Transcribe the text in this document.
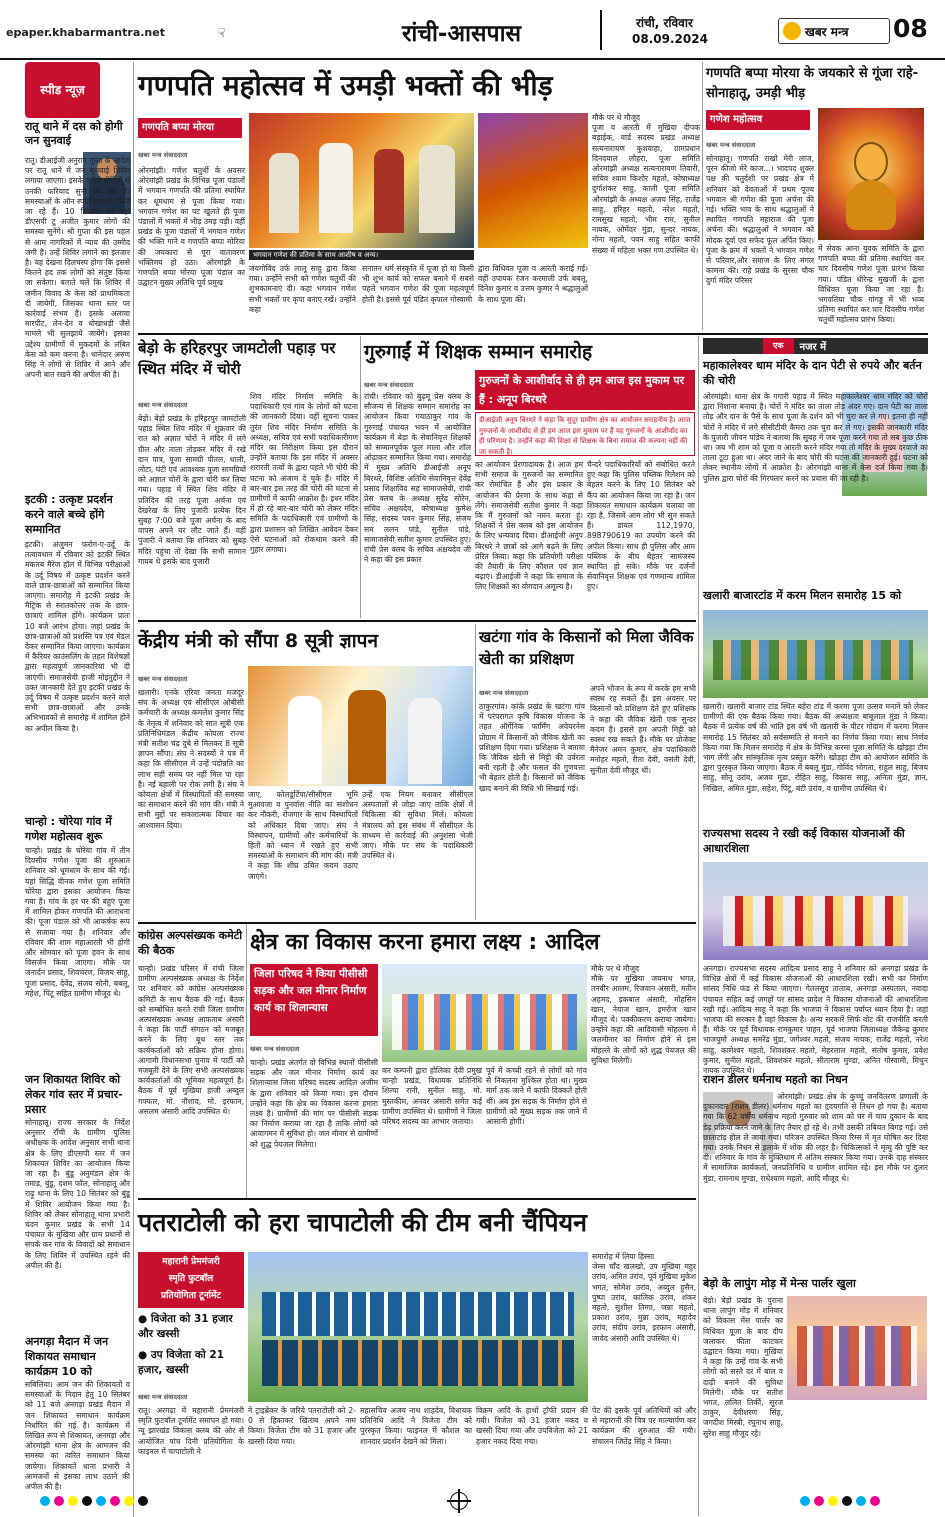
epaper.khabarmantra.net	☟	रांची-आसपास	रांची, रविवार
08.09.2024
खबर मन्त्र 08
स्पीड न्यूज़
रातू थाने में दस को होगी जन सुनवाई
रातू। डीआईजी अनुराग गुप्ता के आदेश पर रातू थाने में जन सुनवाई शिविर लगाया जाएगा। इसके जरिये पीड़ितों से उनकी फरियाद सुनी जा रही है। समस्याओं के ऑन स्पॉट समाधान किये जा रहे हैं। 10 सितंबर को यहां डीएसपी टू अजीत कुमार लोगों की समस्या सुनेंगे। श्री गुप्ता की इस पहल से आम नागरिकों में न्याय की उम्मीद जगी है। उन्हें शिविर लगाने का इंतजार है। यह देखना दिलचस्प होगा कि इससे कितने हद तक लोगों को संतुष्ट किया जा सकेगा। बताते चलें कि शिविर में जमीन विवाद के केस को प्राथमिकता दी जायेगी, जिसका थाना स्तर पर कार्रवाई संभव है। इसके अलावा मारपीट, लेन-देन व धोखाधड़ी जैसे मामले भी सुलझाये जायेंगे। इसका उद्देश्य ग्रामीणों में मुकदमों के लंबित केस को कम करना है। थानेदार अरुण सिंह ने लोगों से शिविर में आने और अपनी बात रखने की अपील की है।
इटकी : उत्कृष्ट प्रदर्शन करने वाले बच्चे होंगे सम्मानित
इटकी। अंजुमन फरोग-ए-उर्दू के तत्वावधान में रविवार को इटकी स्थित मकतब मैरेज हॉल में विभिन्न परीक्षाओं के उर्दू विषय में उत्कृष्ट प्रदर्शन करने वाले छात्र-छात्राओं को सम्मानित किया जाएगा। समारोह में इटकी प्रखंड के मैट्रिक से स्नातकोत्तर तक के छात्र-छात्राएं शामिल होंगे। कार्यक्रम प्रातः 10 बजे आरंभ होगा। जहां प्रखंड के छात्र-छात्राओं को प्रशस्ति पत्र एवं मेडल देकर सम्मानित किया जाएगा। कार्यक्रम में कैरियर काउंसलिंग के तहत विशेषज्ञों द्वारा महत्वपूर्ण जानकारियां भी दी जाएंगी। समाजसेवी हाजी मोइनुद्दीन ने उक्त जानकारी देते हुए इटकी प्रखंड के उर्दू विषय में उत्कृष्ट प्रदर्शन करने वाले सभी छात्र-छात्राओं और उनके अभिभावकों से समारोह में शामिल होने का अपील किया है।
चान्हो : चोरेया गांव में गणेश महोत्सव शुरू
चान्हो। प्रखंड के चोरेया गांव में तीन दिवसीय गणेश पूजा की शुरुआत शनिवार को धूमधाम के साथ की गई। यहां सिद्धि वीनक गणेश पूजा समिति चोरेया द्वारा इसका आयोजन किया गया है। गांव के हर घर की बहुएं पूजा में शामिल होकर गणपति की आराधना की। पूजा पंडाल को भी आकर्षक रूप से सजाया गया है। शनिवार और रविवार की शाम महाआरती भी होगी और सोमवार को पूजा हवन के साथ विसर्जन किया जाएगा। मौके पर जनार्दन प्रसाद, शिवचरण, विजय साहू, पूजा प्रसाद, देवेंद्र, संजय सोनी, बबलू, महेश, पिंटू सहित ग्रामीण मौजूद थे।
जन शिकायत शिविर को लेकर गांव स्तर में प्रचार-प्रसार
सोनाहातू। राज्य सरकार के निर्देश अनुसार राँची के ग्रामीण पुलिस अधीक्षक के आदेश अनुसार सभी थाना क्षेत्र के लिए डीएसपी स्तर में जन शिकायत शिविर का आयोजन किया जा रहा है। बुंडू अनुमंडल क्षेत्र के तमाड़, बुंडू, दशम फॉल, सोनाहातू और राढ़ू थाना के लिए 10 सितंबर को बुंडू में शिविर आयोजन किया गया है। शिविर को लेकर सोनाहातू थाना प्रभारी चंदन कुमार प्रखंड के सभी 14 पंचायत के मुखिया और ग्राम प्रधानों से संपर्क कर गांव के विवादों को समाधान के लिए शिविर में उपस्थित रहने की अपील की है।
अनगड़ा मैदान में जन शिकायत समाधान कार्यक्रम 10 को
सबिलिया। आम जन की शिकायतों व समस्याओं के निदान हेतु 10 सितंबर को 11 बजे अनगड़ा प्रखंड मैदान में जन शिकायत समाधान कार्यक्रम निर्धारित की गई है। कार्यक्रम में लिखित रूप से शिकायत, अनगड़ा और ओरमांझी थाना क्षेत्र के आमजन की समस्या का त्वरित समाधान किया जायेगा। शिकायतें थाना प्रभारी ने आमजनों से इसका लाभ उठाने की अपील की है।
गणपति महोत्सव में उमड़ी भक्तों की भीड़
गणपति बप्पा मोरया
खबर मन्त्र संवाददाता
भगवान गणेश की प्रतिमा के साथ आशीष व अन्य।
ओरमांझी। गणेश चतुर्थी के अवसर ओरमांझी प्रखंड के विभिन्न पूजा पंडालों में भगवान गणपति की प्रतिमा स्थापित कर धूमधाम से पूजा किया गया। भगवान गणेश का पट खुलते ही पूजा पंडालों में भक्तों में भीड़ उमड़ पड़ी। वहीं प्रखंड के पूजा पंडालों में भगवान गणेश की भक्ति गाने व गणपति बप्पा मोरिया की जयकारा से पूरा वातावरण भक्तिमय हो उठा। ओरमांझी के गणपति बप्पा मोरया पूजा पंडाल का उद्घाटन मुख्य अतिथि पूर्व प्रमुख
जयगोविंद उर्फ लालू साहु द्वारा किया गया। उन्होंने सभी को गणेश चतुर्थी की शुभकामनाएं दी। कहा भगवान गणेश सभी भक्तों पर कृपा बनाए रखें। उन्होंने कहा
सनातन धर्म संस्कृति में पूजा हो या किसी भी शुभ कार्य को सफल बनाने में सबसे पहले भगवान गणेश की पूजा महत्वपूर्ण होती है। इससे पूर्व पंडित कृपाल गोस्वामी
द्वारा विधिवत पूजा व आरती कराई गई। वहीं उपायक रंजन करमाली उर्फ बबलू, दिनेश कुमार व उत्तम कुमार ने श्रद्धालुओं के साथ पूजा की।
मौके पर थे मौजूद
पूजा व आरती में मुखिया दीपक बड़ाईक, वार्ड सदस्य प्रखंड अध्यक्ष सत्यनारायण कुशवाहा, ग्रामप्रधान दिनदयाल लोहरा, पूजा समिति ओरमांझी अध्यक्ष सत्यनारायण तिवारी, सचिव श्याम किशोर महतो, कोषाध्यक्ष दुर्गाशंकर साहु, काली पूजा समिति ओरमांझी के अध्यक्ष अजय सिंह, राजेंद्र साहु, हरिहर महतो, नरेश महतो, रामसुख महतो, भीम राम, सुनील नायक, ओमेंदर मुंडा, सुन्दर नायक, नोना महतो, पवन साहु सहित काफी संख्या में महिला भक्त गण उपस्थित थे।
गणपति बप्पा मोरया के जयकारे से गूंजा राहे-सोनाहातू, उमड़ी भीड़
गणेश महोत्सव
खबर मन्त्र संवाददाता
सोनाहातू। गणपति राखो मेरी लाज, पूरन कीजो मेरे काज...। भादपद शुक्ल पक्ष की चतुर्दशी पर प्रखंड क्षेत्र में शनिवार को देवताओं में प्रथम पूज्य भगवान श्री गणेश की पूजा अर्चना की गई। भक्ति भाव के साथ श्रद्धालुओं ने स्थापित गणपति महाराज की पूजा अर्चना की। श्रद्धालुओं ने भगवान को मोदक दूर्वा एवं सफेद फूल अर्पित किए। पूजा के क्रम में भक्तों ने भगवान गणेश से परिवार,और समाज के लिए मंगल कामना की। राहे प्रखंड के सुरसा चौक दुर्गा मंदिर परिसर
में सेवक आना युवक समिति के द्वारा गणपति बप्पा की प्रतिमा स्थापित कर चार दिवसीय गणेश पूजा प्रारंभ किया गया। पंडित धीरेन्द्र मुखर्जी के द्वारा विधिवत पूजा किया जा रहा है। भगवतिया चौक गांगड्ड में भी भव्य प्रतिमा स्थापित कर चार दिवसीय गणेश चतुर्थी महोत्सव प्रारंभ किया।
बेड़ो के हरिहरपुर जामटोली पहाड़ पर स्थित मंदिर में चोरी
खबर मन्त्र संवाददाता
बेड़ो। बेड़ो प्रखंड के हरिहरपुर जामटोली पहाड़ स्थित शिव मंदिर में शुक्रवार की रात को अज्ञात चोरों ने मंदिर में लगे ग्रील और ताला तोड़कर मंदिर में रखे दान पात्र, पूजा सामग्री पीतल, थाली, लोटा, घंटी एवं आवश्यक पूजा सामग्रियों को अज्ञात चोरों के द्वारा चोरी कर लिया गया। पहाड़ में स्थित शिव मंदिर में प्रतिदिन की तरह पूजा अर्चना एवं देखरेख के लिए पुजारी प्रत्येक दिन सुबह 7:00 बजे पूजा अर्चना के बाद वापस अपने घर लौट जाते हैं। वहीं पुजारी ने बताया कि शनिवार को सुबह मंदिर पहुंचा तो देखा कि सभी सामान गायब थे इसके बाद पुजारी
शिव मंदिर निर्माण समिति के पदाधिकारी एवं गांव के लोगों को घटना की जानकारी दिया। वहीं सूचना पाकर तुरंत शिव मंदिर निर्माण समिति के अध्यक्ष, सचिव एवं सभी पदाधिकारीगण मंदिर का निरीक्षण किया इस दौरान उन्होंने बताया कि इस मंदिर में अक्सर शरारती तत्वों के द्वारा पहले भी चोरी की घटना को अंजाम दे चुके हैं। मंदिर में बार-बार इस तरह की चोरी की घटना से ग्रामीणों में काफी आक्रोश है। इधर मंदिर में हो रहे बार-बार चोरी को लेकर मंदिर समिति के पदाधिकारी एवं ग्रामीणों के द्वारा प्रशासन को लिखित आवेदन देकर ऐसे घटनाओं को रोकथाम करने की गुहार लगाया।
गुरुगाईं में शिक्षक सम्मान समारोह
गुरुजनों के आशीर्वाद से ही हम आज इस मुकाम पर हैं : अनूप बिरथरे
खबर मन्त्र संवाददाता
डीआईजी अनूप बिरथरे ने कहा कि सुदूर ग्रामीण क्षेत्र का आयोजन सराहनीय है। आज गुरुजनों के आशीर्वाद से ही हम आज इस मुकाम पर हैं यह गुरुजनों के आशीर्वाद का ही परिणाम है। उन्होंने कहा की शिक्षा से शिक्षक के बिना समाज की कल्पना नहीं की जा सकती है।
रांची। रविवार को बुढ़मू प्रेस क्लब के सौजन्य से शिक्षक सम्मान समारोह का आयोजन किया गयाठाकुर गांव के गुरुगाईं पंचायत भवन में आयोजित कार्यक्रम में बेड़ा के सेवानिवृत्त शिक्षकों को सम्मानपूर्वक फूल माला और शॉल ओढ़ाकर सम्मानित किया गया। समारोह में मुख्य अतिथि डीआईजी अनूप बिरथरे, विशिष्ट अतिथि सेवानिवृत्त देवेंद्र प्रसाद शिक्षाविद सह सामाजसेवी, रांची प्रेस क्लब के अध्यक्ष सुरेंद्र सोरेन, सचिव अक्षयदेव, कोषाध्यक्ष कुमेश सिंह, सदस्य पवन कुमार सिंह, संजय सम ललन पांडे, सुनील पांडे, सामाजसेवी सतीश कुमार उपस्थित हुए। रांची प्रेस क्लब के सचिव अक्षयदेव जी ने कहा की इस प्रकार
का आयोजन प्रेरणादायक है। आज हम सभी समाज के गुरुजनों का सम्मानित कर रोमांचित हैं और इस प्रकार के आयोजन की प्रेरणा के साथ कहा से लेंगे। समाजसेवी सतीश कुमार ने कहा कि मैं गुरुजनों को नमन करता हूं। शिक्षकों ने प्रेस क्लब को इस आयोजन के लिए धन्यवाद दिया। डीआईजी अनूप बिरथरे ने छात्रों को आगे बढ़ने के लिए प्रेरित किया। कहा कि प्रतियोगी परीक्षा की तैयारी के लिए कौशल एवं ज्ञान बढ़ाएं। डीआईजी ने कहा कि समाज के लिए शिक्षकों का योगदान अमूल्य है।
चैन्दरे पदाधिकारियों को संबोधित करते हुए कहा कि पुलिस पब्लिक रिलेशन को बेहतर करने के लिए 10 सितंबर को कैंप का आयोजन किया जा रहा है। जन शिकायत समाधान कार्यक्रम चलाया जा रहा है, जिसमें आम लोग भी सुन सकते हैं। डायल 112,1970, 898790619 का उपयोग करने की अपील किया। साथ ही पुलिस और आम पब्लिक के बीच बेहतर सामंजस्य स्थापित हो सके। मौके पर दर्जनों सेवानिवृत्त शिक्षक एवं गणमान्य शामिल हुए।
एक	नजर में
महाकालेश्वर धाम मंदिर के दान पेटी से रुपये और बर्तन की चोरी
ओरमांझी। थाना क्षेत्र के गगारी पहाड़ में स्थित महाकालेश्वर धाम मंदिर को चोरों द्वारा निशाना बनाया है। चोरों ने मंदिर का ताला तोड़ अंदर गए। दान पेटी का ताला तोड़ और दान के पैसे के साथ पूजा के दर्शन को भी चुरा कर ले गए। इतना ही नहीं चोरों ने मंदिर में लगे सीसीटीवी कैमरा तक चुरा कर ले गए। इसकी जानकारी मंदिर के पुजारी जीवन पांडेय ने बताया कि सुबह में जब पूजा करने गया तो सब कुछ ठीक था। जब भी शाम को पूजा व आरती करने मंदिर गया तो मंदिर के मुख्य दरवाजे का ताला टूटा हुआ था। अंदर जाने के बाद चोरी की घटना की जानकारी हुई। घटना को लेकर स्थानीय लोगों में आक्रोश है। ओरमांझी थाना में केस दर्ज किया गया है। पुलिस द्वारा चोरों की गिरफ्तार करने का प्रयास की जा रही है।
खलारी बाजारटांड में करम मिलन समारोह 15 को
खलारी। खलारी बाजार टांड स्थित बहेरा टांड में करमा पूजा उत्सव मनाने को लेकर ग्रामीणों की एक बैठक किया गया। बैठक की अध्यक्षता बाबूलाल मुंडा ने किया। बैठक में प्रत्येक वर्ष की भांति इस वर्ष भी खलारी के पीटर गोदाम में करमा मिलन समारोह 15 सितंबर को सर्वसम्मति से मनाने का निर्णय किया गया। साथ निर्णय किया गया कि मिलन समारोह में क्षेत्र के विभिन्न करमा पूजा समिति के खोड़हा टीम भाग लेंगी और सांस्कृतिक नृत्य प्रस्तुत करेंगे। खोड़हा टीम को आयोजन समिति के द्वारा पुरस्कृत किया जाएगा। बैठक में बबलू मुंडा, गोविंद भोगता, राहुल साहु, बिजय साहु, सोनू उरांव, अजय मुंडा, रोहित साहु, विकास साहु, अनिता मुंडा, ज्ञान, निखिल, अमित मुंडा, सहेश, पिंटू, बंटी उरांव, व ग्रामीण उपस्थित थे।
राज्यसभा सदस्य ने रखी कई विकास योजनाओं की आधारशिला
अनगड़ा। राज्यसभा सदस्य आदित्य प्रसाद साहू ने शनिवार को अनगड़ा प्रखंड के विभिन्न क्षेत्रों में कई विकास योजनाओं की आधारशिला रखी। सभी का निर्माण सांसद निधि फंड से किया जाएगा। गेतलसूद तालाब, अनगड़ा अस्पताल, नवादा पंचायत सहित कई जगहों पर सांसद प्रादेश ने विकास योजनाओं की आधारशिला रखी गई। आदित्य साहू ने कहा कि भाजपा ने विकास पर्याप्त ध्यान दिया है। जहां भाजपा की सरकार है वहां विकास है। अन्य सरकारें सिर्फ वोट की राजनीति करती हैं। मौके पर पूर्व विधायक रामकुमार पाहन, पूर्व भाजपा जिलाध्यक्ष जैकेन्द्र कुमार भाजयुमो अध्यक्ष समरेंद्र मुंडा, जगेश्वर महतो, संजय नायक, राजेंद्र महतो, नरेश साहु, कामेश्वर महतो, शिवशंकर महतो, मेहरलाल महतो, संतोष कुमार, प्रवेश कुमार, सुनील महतो, शिवशंकर महतो, सीताराम मुण्डा, अनित गोस्वामी, मिथुन नायक उपस्थित थे।
राशन डीलर धर्मनाथ महतो का निधन
ओरमांझी। प्रखंड क्षेत्र के कुच्चू जनवितरण प्रणाली के दुकानदार (राशन डीलर) धर्मनाथ महतो का हृदयगति से निधन हो गया है। बताया गया कि 62 वर्षीय धर्मनाथ महतो गुरुवार को शाम को घर में चाय दुकान के बाद डेढ़ प्रक्रिया करने जाने के लिए तैयार हो रहे थे। तभी उसकी तबियत बिगड़ गई। उसे छाताटांड़ होल ले जाया गया। परिजन उपस्थित किया रिम्स में मृत घोषित कर दिया गया। उनके निधन से इलाके में शोक की लहर है। चिकित्सकों ने मृत्यु की पुष्टि कर दी। शनिवार के गांव के मुक्तिधाम में अंतिम संस्कार किया गया। उनके दाह संस्कार में सामाजिक कार्यकर्ता, जनप्रतिनिधि व ग्रामीण शामिल रहे। इस मौके पर दुलार मुंडा, रामनाथ मुण्डा, राधेश्याम महतो, आदि मौजूद थे।
बेड़ो के लापुंग मोड़ में मेन्स पार्लर खुला
बेड़ो। बेड़ो प्रखंड के पुराना थाना लापुंग मोड़ में शनिवार को विकास मेंस पार्लर का विधिवत पूजा के बाद दीप जलाकर फीता काटकर उद्घाटन किया गया। मुखिया ने कहा कि उन्हें गांव के सभी लोगों को सस्ते दर में बाल व दाढ़ी बनाने की सुविधा मिलेगी। मौके पर सतीश भगत, ललित तिर्की, सूरज ठाकुर, देवीशरण सिंह, जगदीश मिस्त्री, रघुनाथ साहु, सुरेश साहु मौजूद रहे।
केंद्रीय मंत्री को सौंपा 8 सूत्री ज्ञापन
खबर मन्त्र संवाददाता
खलारी। एनके एरिया जनता मजदूर संघ के अध्यक्ष एवं सीसीएल ओबीसी कर्मचारी के अध्यक्ष कमलेश कुमार सिंह के नेतृत्व में शनिवार को सात सूत्री एक प्रतिनिधिमंडल केंद्रीय कोयला राज्य मंत्री सतीश चंद्र दुबे से मिलकर 8 सूत्री ज्ञापन सौंपा। संघ ने सदस्यों ने पत्र में कहा कि सीसीएल में उन्हें पदोन्नति का लाभ सही समय पर नहीं मिल पा रहा है। नई बहाली पर रोक लगी है। संघ ने कोयला क्षेत्रों में विस्थापितों की समस्या का समाधान करने की मांग की। मंत्री ने सभी मुद्दों पर सकारात्मक विचार का आश्वासन दिया।
जाए, कोलडूर्टिपा/सीसीएल भूमि मुआवजा व पुनर्वास नीति का संशोधन कर नौकरी, रोजगार के साथ विस्थापितों को अधिकार दिया जाए। संघ ने विस्थापन, ग्रामीणों और कर्मचारियों के हितों को ध्यान में रखते हुए सभी समस्याओं के समाधान की मांग की। मंत्री ने कहा कि शीघ्र उचित कदम उठाए जाएंगे।
उन्हें एक नियम बनाकर सीसीएल अस्पतालों से जोड़ा जाए ताकि क्षेत्रों में चिकित्सा की सुविधा मिले। कोयला मंत्रालय को इस संबंध में सीसीएल के माध्यम से कार्रवाई की अनुशंसा भेजी जाए। मौके पर संघ के पदाधिकारी उपस्थित थे।
खटंगा गांव के किसानों को मिला जैविक खेती का प्रशिक्षण
खबर मन्त्र संवाददाता
ठाकुरगांव। कांके प्रखंड के खटंगा गांव में परंपरागत कृषि विकास योजना के तहत ऑर्गेनिक फार्मिंग अवेयरनेस प्रोग्राम में किसानों को जैविक खेती का प्रशिक्षण दिया गया। प्रशिक्षक ने बताया कि जैविक खेती से मिट्टी की उर्वरता बनी रहती है और फसल की गुणवत्ता भी बेहतर होती है। किसानों को जैविक खाद बनाने की विधि भी सिखाई गई।
अपने भोजन के रूप में करके हम सभी स्वस्थ रह सकते हैं। इस अवसर पर किसानों को प्रशिक्षण देते हुए प्रशिक्षक ने कहा की जैविक खेती एक सुन्दर कदम है। इससे हम अपनी मिट्टी को स्वस्थ रख सकते हैं। मौके पर प्रोजेक्ट मैनेजर अमन कुमार, क्षेत्र पदाधिकारी मनोहर महतो, रीता देवी, वसंती देवी, सुनीता देवी मौजूद थीं।
कांग्रेस अल्पसंख्यक कमेटी की बैठक
चान्हो। प्रखंड परिसर में रांची जिला ग्रामीण अल्पसंख्यक अध्यक्ष के निर्देश पर शनिवार को कांग्रेस अल्पसंख्यक कमिटी के साथ बैठक की गई। बैठक को सम्बोधित करते रांची जिला ग्रामीण अल्पसंख्यक अध्यक्ष आफताब अंसारी ने कहा कि पार्टी संगठन को मजबूत करने के लिए बूथ स्तर तक कार्यकर्ताओं को सक्रिय होना होगा। आगामी विधानसभा चुनाव में पार्टी को मजबूती देने के लिए सभी अल्पसंख्यक कार्यकर्ताओं की भूमिका महत्वपूर्ण है। बैठक में पूर्व मुखिया हाजी अब्दुल गफ्फार, मो. नौशाद, मो. इरफान, असलम अंसारी आदि उपस्थित थे।
क्षेत्र का विकास करना हमारा लक्ष्य : आदिल
जिला परिषद ने किया पीसीसी सड़क और जल मीनार निर्माण कार्य का शिलान्यास
खबर मन्त्र संवाददाता
चान्हो। प्रखंड अंतर्गत दो विभिन्न स्थानों पीसीसी सड़क और जल मीनार निर्माण कार्य का शिलान्यास जिला परिषद सदस्य आदिल अजीम के द्वारा शनिवार को किया गया। इस दौरान उन्होंने कहा कि क्षेत्र का विकास करना हमारा लक्ष्य है। ग्रामीणों की मांग पर पीसीसी सड़क का निर्माण कराया जा रहा है ताकि लोगों को आवागमन में सुविधा हो। जल मीनार से ग्रामीणों को शुद्ध पेयजल मिलेगा।
कर कम्पनी द्वारा होलिका देवी प्रमुख चान्हो प्रखंड, विधायक प्रतिनिधि शिल्पा रानी, सुनील साहु, मो. मुस्तकीम, अनवर अंसारी समेत कई ग्रामीण उपस्थित थे। ग्रामीणों ने जिला परिषद सदस्य का आभार जताया।
पूर्व में कच्ची रहने से लोगों को गांव से निकलना मुश्किल होता था। मुख्य मार्ग तक जाने में काफी दिक्कतें होती थीं। अब इस सड़क के निर्माण होने से ग्रामीणों को मुख्य सड़क तक जाने में आसानी होगी।
मौके पर थे मौजूद
मौके पर मुखिया जयनाथ भगत, तनवीर आलम, रिजवान अंसारी, मतीन अहमद, इकबाल अंसारी, मोहसिन खान, नेयाज खान, इमरोज खान मौजूद थे। पक्कीकरण कराया जायेगा। उन्होंने कहा की आदिवासी मोहल्ला में जलमीनार का निर्माण होने से इस मोहल्ले के लोगों को शुद्ध पेयजल की सुविधा मिलेगी।
पतराटोली को हरा चापाटोली की टीम बनी चैंपियन
महारानी प्रेममंजरी
स्मृति फुटबॉल
प्रतियोगिता टूर्नामेंट
● विजेता को 31 हजार और खस्सी
● उप विजेता को 21 हजार, खस्सी
खबर मन्त्र संवाददाता
रातू। अरगढ़ा में महारानी प्रेममंजरी स्मृति फुटबॉल टूर्नामेंट समापन हो गया। न्यू झारखंड विकास क्लब की ओर से आयोजित पांच दिनी प्रतियोगिता के फाइनल में चापाटोली ने
ने ट्राइब्रेकर के जरिये पतराटोली को 2-0 से हिकाकर खिताब अपने नाम किया। विजेता टीम को 31 हजार और खस्सी दिया गया।
महासचिव अजय नाथ शाहदेव, विधायक प्रतिनिधि आदि ने विजेता टीम को पुरस्कृत किया। फाइनल में कौशल का शानदार प्रदर्शन देखने को मिला।
विक्रम आदि के हाथों ट्रॉफी प्रदान की गयी। विजेता को 31 हजार नकद व खस्सी दिया गया और उपविजेता को 21 हजार नकद दिया गया।
समारोह में लिया हिस्सा
जेम्स चाँद खलखो, उप मुखिया महुर उरांव, अमित उरांव, पूर्व मुखिया मुकेश भगत, सोमेश उरांव, अब्दुल हुसैन, पुष्पा उरांव, कालिक उरांव, शंकर महतो, सुशील तिग्गा, जन्ना महतो, प्रकाश उरांव, मुन्ना उरांव, महादेव उरांव, संदीप उरांव, इरफान अंसारी, जावेद अंसारी आदि उपस्थित थे।
पेट की इसके पूर्व अतिथियों को और से महारानी की चित्र पर माल्यार्पण कर कार्यक्रम की शुरुआत की गयी। संचालन जितेंद्र सिंह ने किया।
